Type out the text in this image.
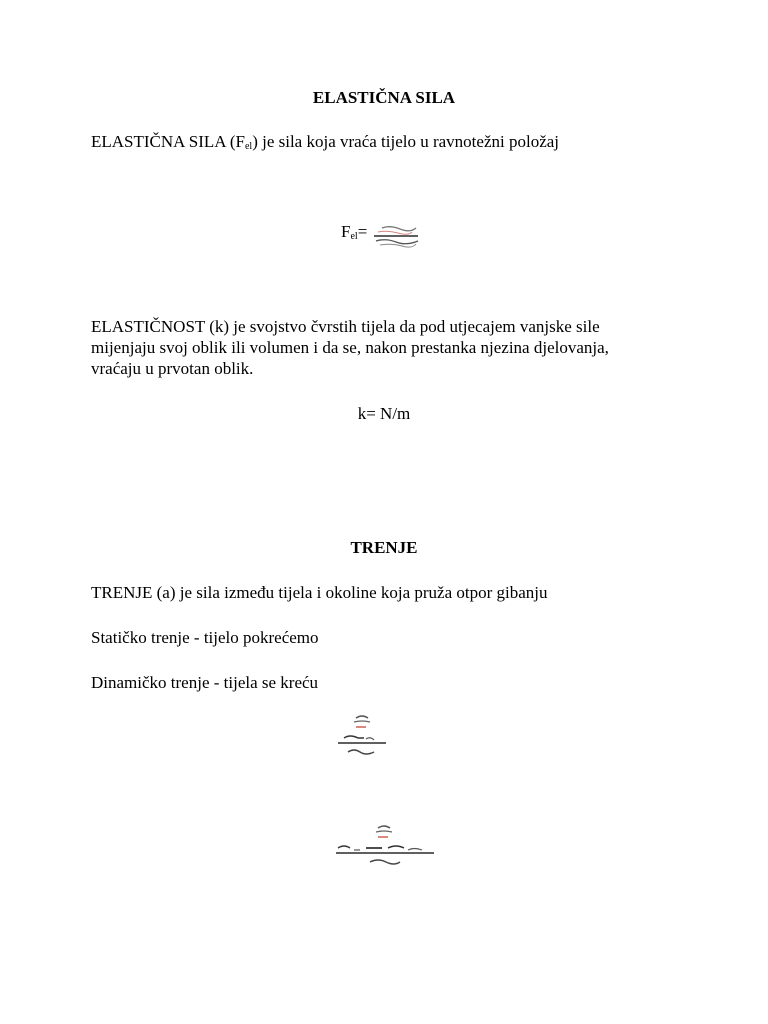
ELASTIČNA SILA
ELASTIČNA SILA $(F_{el})$ je sila koja vraća tijelo u ravnotežni položaj
$F_{el}=$
ELASTIČNOST (k) je svojstvo čvrstih tijela da pod utjecajem vanjske sile
mijenjaju svoj oblik ili volumen i da se, nakon prestanka njezina djelovanja,
vraćaju u prvotan oblik.
k= N/m
TRENJE
TRENJE (a) je sila između tijela i okoline koja pruža otpor gibanju
Statičko trenje - tijelo pokrećemo
Dinamičko trenje - tijela se kreću
